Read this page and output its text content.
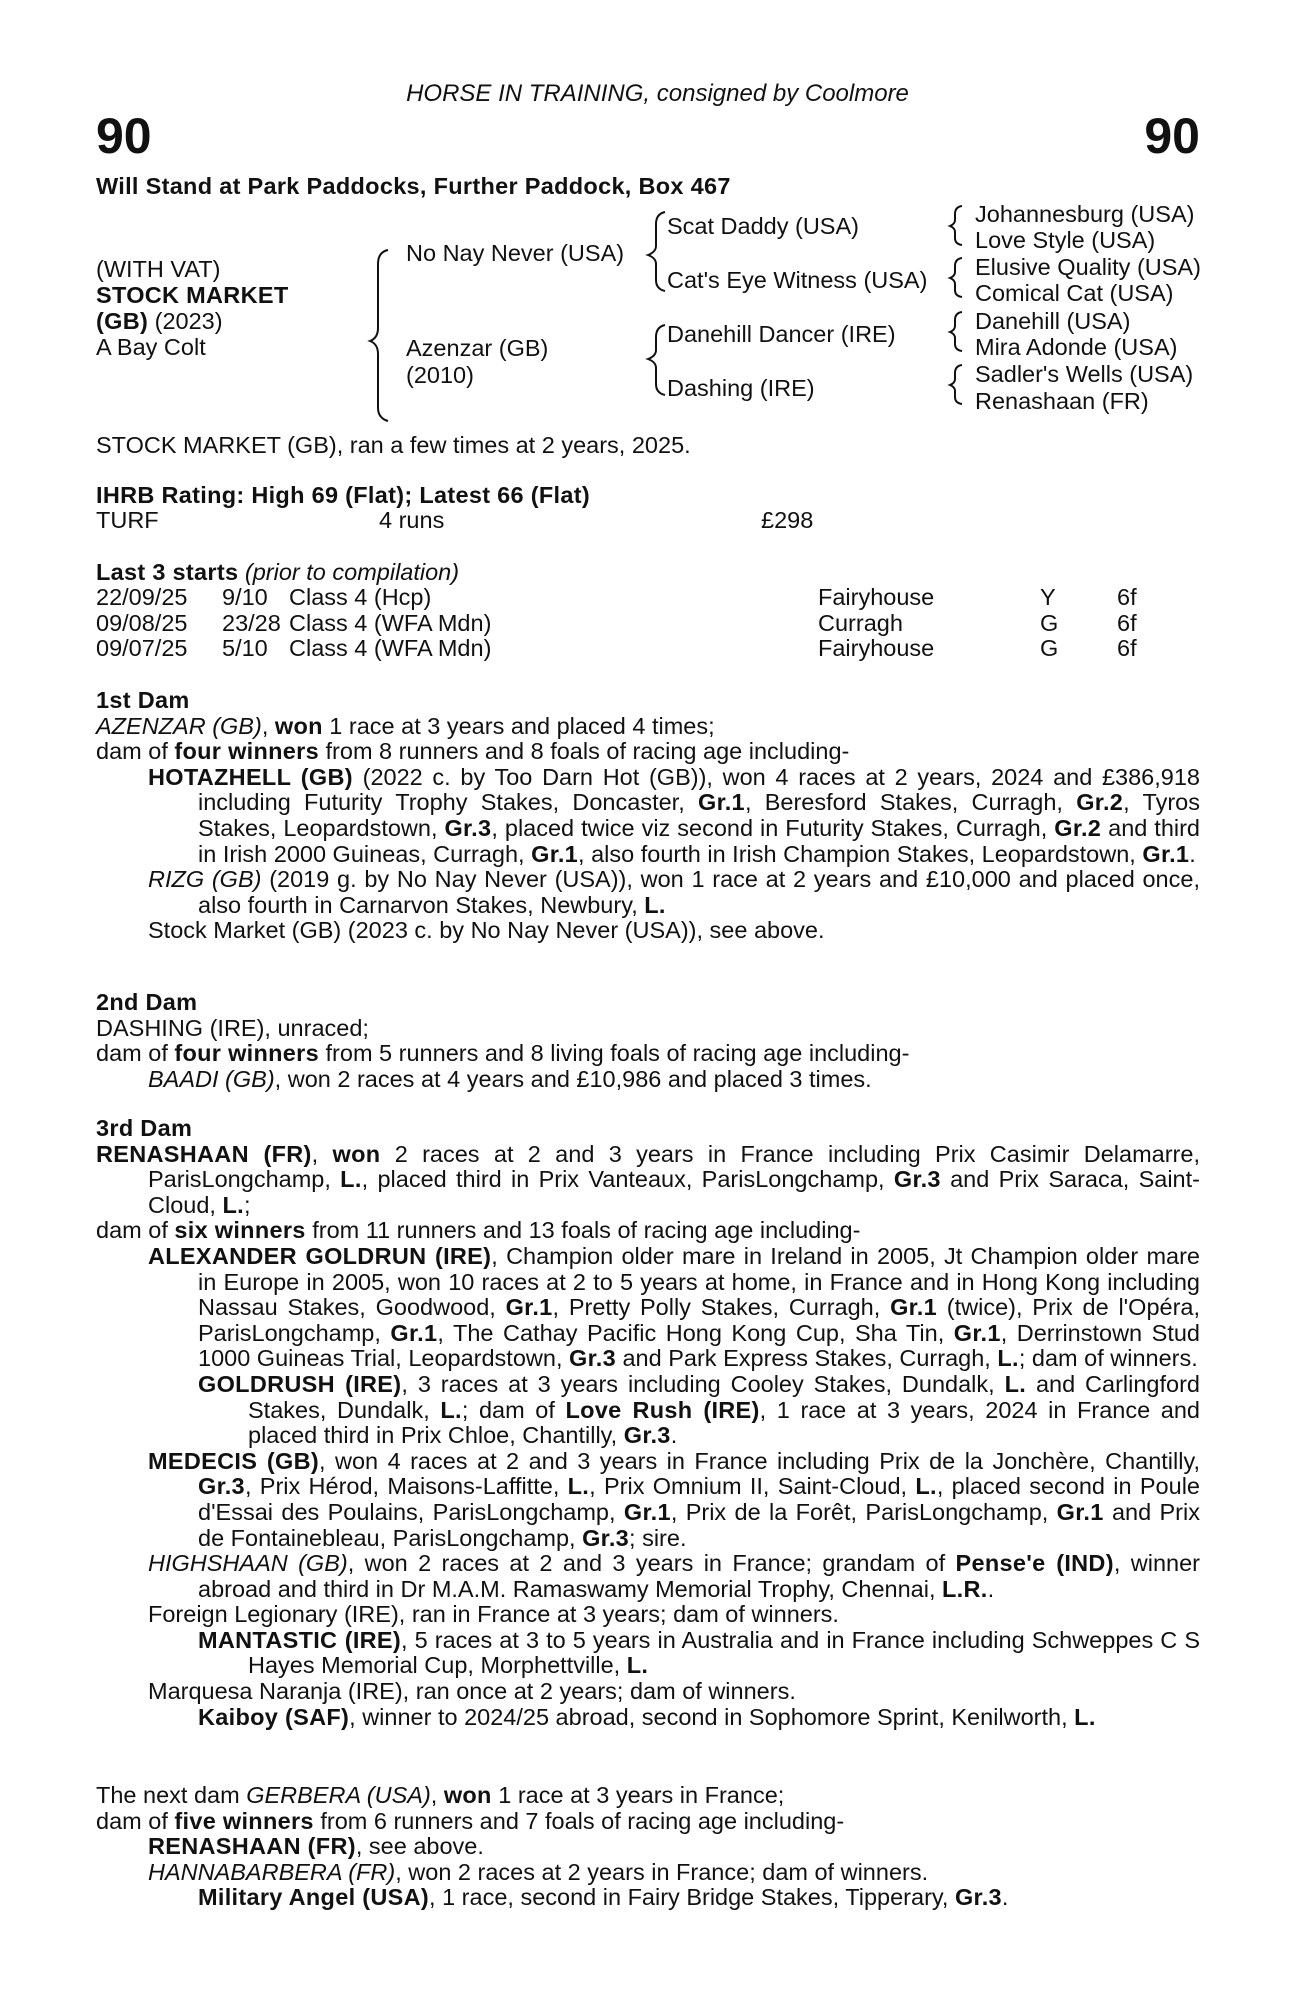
HORSE IN TRAINING, consigned by Coolmore
90	90
Will Stand at Park Paddocks, Further Paddock, Box 467
(WITH VAT)
STOCK MARKET
(GB) (2023)
A Bay Colt
No Nay Never (USA)
Azenzar (GB)
(2010)
Scat Daddy (USA)
Cat's Eye Witness (USA)
Danehill Dancer (IRE)
Dashing (IRE)
Johannesburg (USA)
Love Style (USA)
Elusive Quality (USA)
Comical Cat (USA)
Danehill (USA)
Mira Adonde (USA)
Sadler's Wells (USA)
Renashaan (FR)
STOCK MARKET (GB), ran a few times at 2 years, 2025.
IHRB Rating: High 69 (Flat); Latest 66 (Flat)
TURF	4 runs	£298
Last 3 starts (prior to compilation)
22/09/25 9/10 Class 4 (Hcp)	Fairyhouse	Y	6f
09/08/25 23/28 Class 4 (WFA Mdn)	Curragh	G 6f
09/07/25 5/10 Class 4 (WFA Mdn)	Fairyhouse	G 6f
1st Dam
AZENZAR (GB), won 1 race at 3 years and placed 4 times;
dam of four winners from 8 runners and 8 foals of racing age including-
HOTAZHELL (GB) (2022 c. by Too Darn Hot (GB)), won 4 races at 2 years, 2024 and £386,918 including Futurity Trophy Stakes, Doncaster, Gr.1, Beresford Stakes, Curragh, Gr.2, Tyros Stakes, Leopardstown, Gr.3, placed twice viz second in Futurity Stakes, Curragh, Gr.2 and third in Irish 2000 Guineas, Curragh, Gr.1, also fourth in Irish Champion Stakes, Leopardstown, Gr.1.
RIZG (GB) (2019 g. by No Nay Never (USA)), won 1 race at 2 years and £10,000 and placed once, also fourth in Carnarvon Stakes, Newbury, L.
Stock Market (GB) (2023 c. by No Nay Never (USA)), see above.
2nd Dam
DASHING (IRE), unraced;
dam of four winners from 5 runners and 8 living foals of racing age including-
BAADI (GB), won 2 races at 4 years and £10,986 and placed 3 times.
3rd Dam
RENASHAAN (FR), won 2 races at 2 and 3 years in France including Prix Casimir Delamarre, ParisLongchamp, L., placed third in Prix Vanteaux, ParisLongchamp, Gr.3 and Prix Saraca, Saint-Cloud, L.;
dam of six winners from 11 runners and 13 foals of racing age including-
ALEXANDER GOLDRUN (IRE), Champion older mare in Ireland in 2005, Jt Champion older mare in Europe in 2005, won 10 races at 2 to 5 years at home, in France and in Hong Kong including Nassau Stakes, Goodwood, Gr.1, Pretty Polly Stakes, Curragh, Gr.1 (twice), Prix de l'Opéra, ParisLongchamp, Gr.1, The Cathay Pacific Hong Kong Cup, Sha Tin, Gr.1, Derrinstown Stud 1000 Guineas Trial, Leopardstown, Gr.3 and Park Express Stakes, Curragh, L.; dam of winners.
GOLDRUSH (IRE), 3 races at 3 years including Cooley Stakes, Dundalk, L. and Carlingford Stakes, Dundalk, L.; dam of Love Rush (IRE), 1 race at 3 years, 2024 in France and placed third in Prix Chloe, Chantilly, Gr.3.
MEDECIS (GB), won 4 races at 2 and 3 years in France including Prix de la Jonchère, Chantilly, Gr.3, Prix Hérod, Maisons-Laffitte, L., Prix Omnium II, Saint-Cloud, L., placed second in Poule d'Essai des Poulains, ParisLongchamp, Gr.1, Prix de la Forêt, ParisLongchamp, Gr.1 and Prix de Fontainebleau, ParisLongchamp, Gr.3; sire.
HIGHSHAAN (GB), won 2 races at 2 and 3 years in France; grandam of Pense'e (IND), winner abroad and third in Dr M.A.M. Ramaswamy Memorial Trophy, Chennai, L.R..
Foreign Legionary (IRE), ran in France at 3 years; dam of winners.
MANTASTIC (IRE), 5 races at 3 to 5 years in Australia and in France including Schweppes C S Hayes Memorial Cup, Morphettville, L.
Marquesa Naranja (IRE), ran once at 2 years; dam of winners.
Kaiboy (SAF), winner to 2024/25 abroad, second in Sophomore Sprint, Kenilworth, L.
The next dam GERBERA (USA), won 1 race at 3 years in France;
dam of five winners from 6 runners and 7 foals of racing age including-
RENASHAAN (FR), see above.
HANNABARBERA (FR), won 2 races at 2 years in France; dam of winners.
Military Angel (USA), 1 race, second in Fairy Bridge Stakes, Tipperary, Gr.3.
